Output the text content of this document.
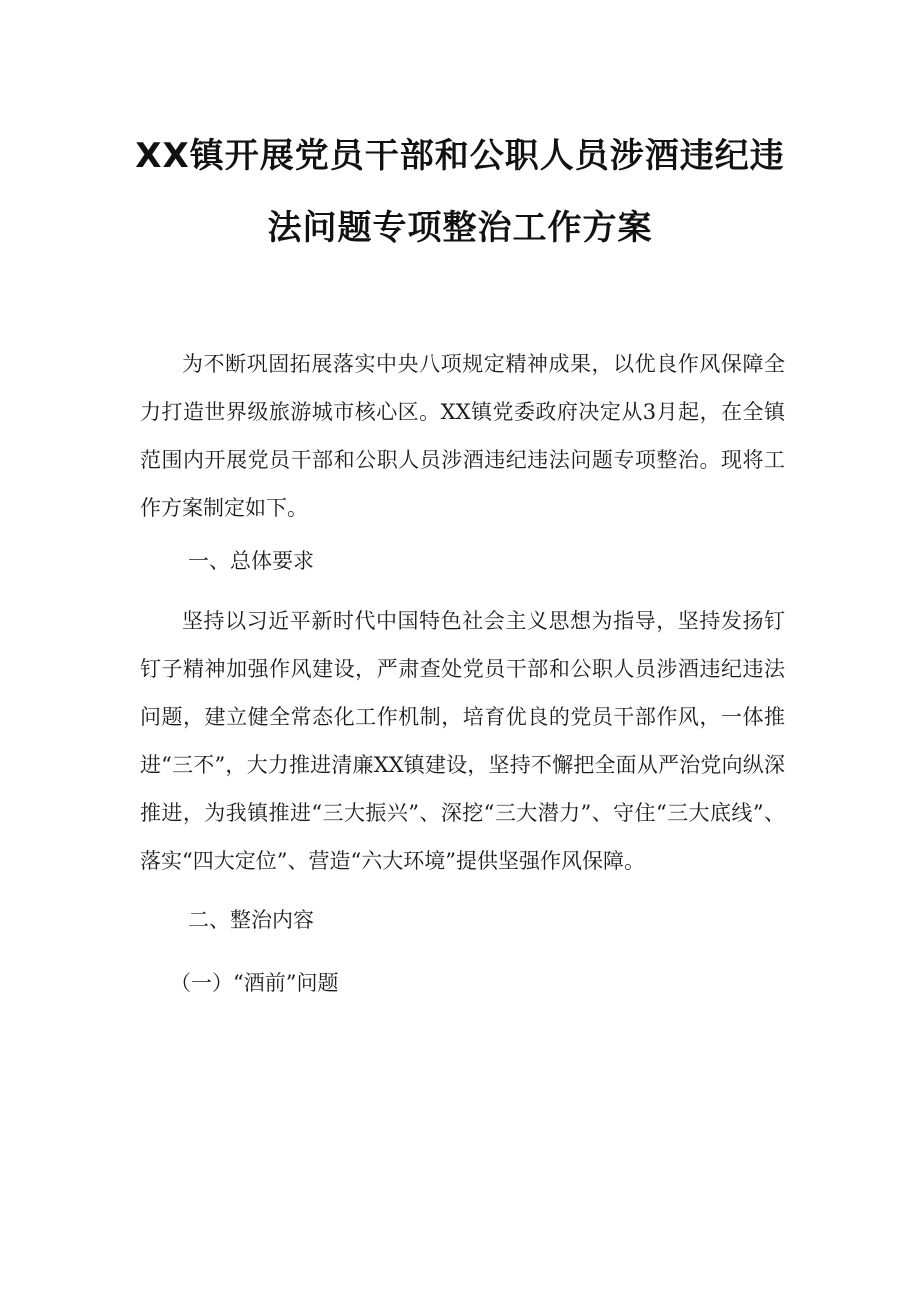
XX镇开展党员干部和公职人员涉酒违纪违
法问题专项整治工作方案

为不断巩固拓展落实中央八项规定精神成果，以优良作风保障全力打造世界级旅游城市核心区。XX镇党委政府决定从3月起，在全镇范围内开展党员干部和公职人员涉酒违纪违法问题专项整治。现将工作方案制定如下。

一、总体要求

坚持以习近平新时代中国特色社会主义思想为指导，坚持发扬钉钉子精神加强作风建设，严肃查处党员干部和公职人员涉酒违纪违法问题，建立健全常态化工作机制，培育优良的党员干部作风，一体推进“三不”，大力推进清廉XX镇建设，坚持不懈把全面从严治党向纵深推进，为我镇推进“三大振兴”、深挖“三大潜力”、守住“三大底线”、落实“四大定位”、营造“六大环境”提供坚强作风保障。

二、整治内容
（一）“酒前”问题
